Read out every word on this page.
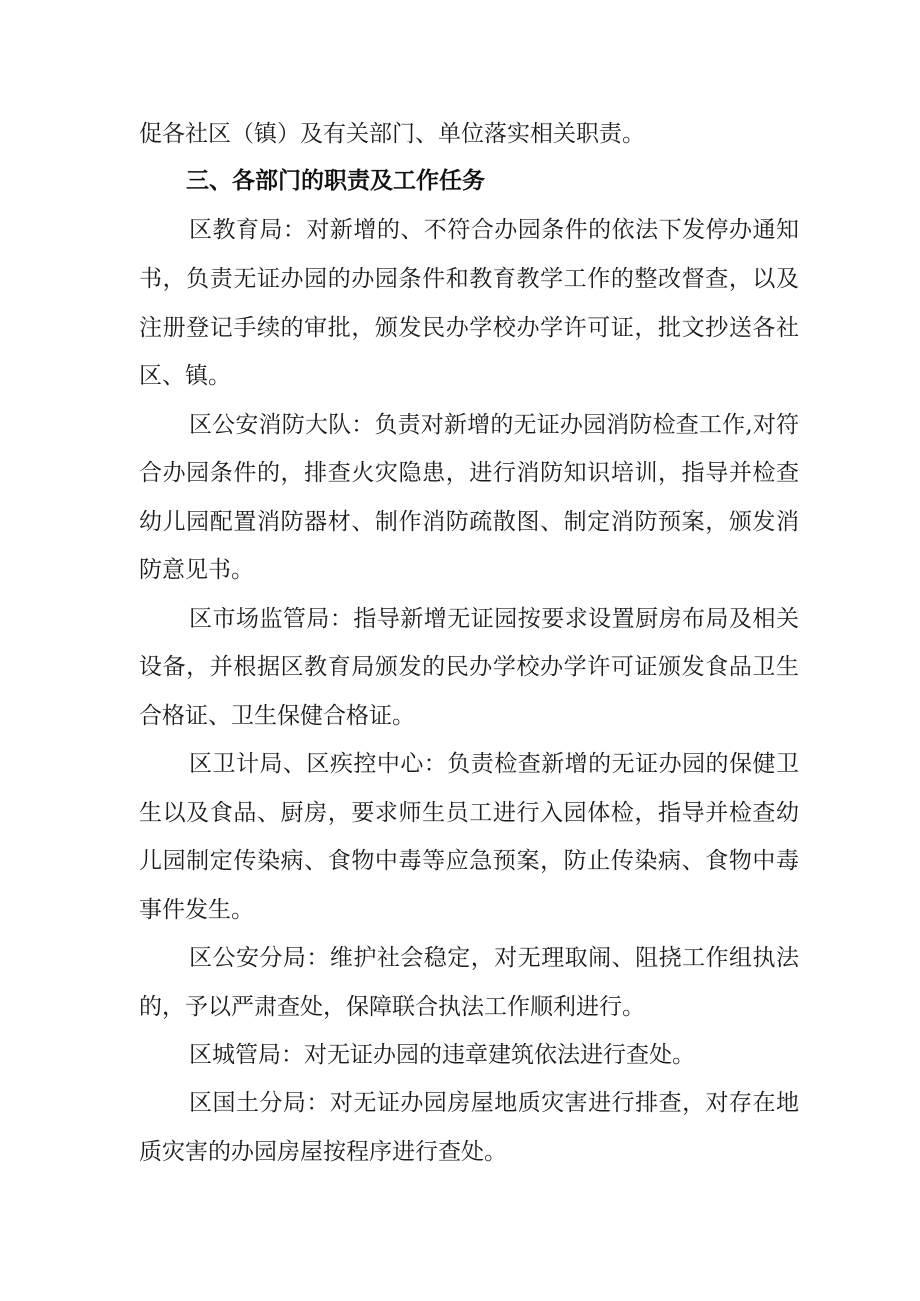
促各社区（镇）及有关部门、单位落实相关职责。
三、各部门的职责及工作任务
区教育局：对新增的、不符合办园条件的依法下发停办通知
书，负责无证办园的办园条件和教育教学工作的整改督查，以及
注册登记手续的审批，颁发民办学校办学许可证，批文抄送各社
区、镇。
区公安消防大队：负责对新增的无证办园消防检查工作,对符
合办园条件的，排查火灾隐患，进行消防知识培训，指导并检查
幼儿园配置消防器材、制作消防疏散图、制定消防预案，颁发消
防意见书。
区市场监管局：指导新增无证园按要求设置厨房布局及相关
设备，并根据区教育局颁发的民办学校办学许可证颁发食品卫生
合格证、卫生保健合格证。
区卫计局、区疾控中心：负责检查新增的无证办园的保健卫
生以及食品、厨房，要求师生员工进行入园体检，指导并检查幼
儿园制定传染病、食物中毒等应急预案，防止传染病、食物中毒
事件发生。
区公安分局：维护社会稳定，对无理取闹、阻挠工作组执法
的，予以严肃查处，保障联合执法工作顺利进行。
区城管局：对无证办园的违章建筑依法进行查处。
区国土分局：对无证办园房屋地质灾害进行排查，对存在地
质灾害的办园房屋按程序进行查处。
